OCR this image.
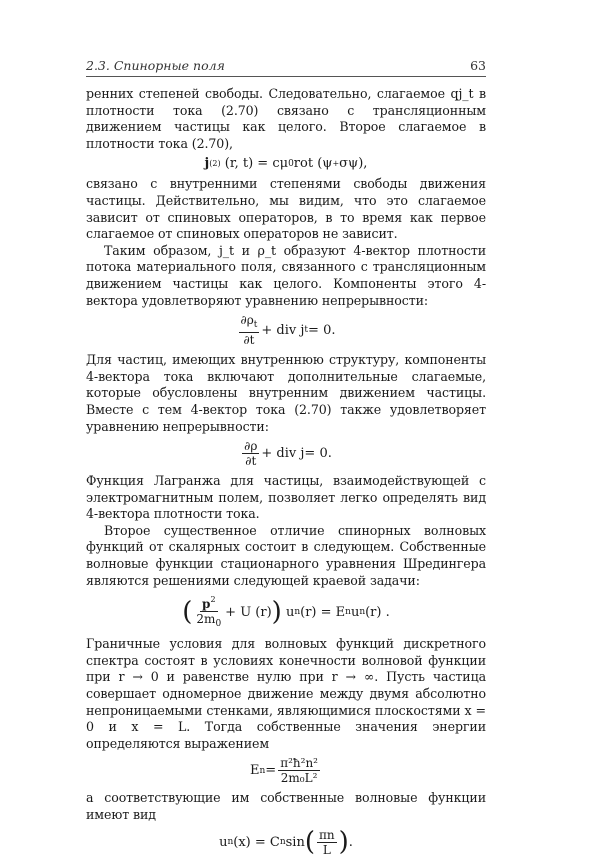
2.3. Спинорные поля	63

ренних степеней свободы. Следовательно, слагаемое qj_t в плотности тока (2.70) связано с трансляционным движением частицы как целого. Второе слагаемое в плотности тока (2.70),

j (2)
(r, t) = cμ 0 rot (ψ + σψ),

связано с внутренними степенями свободы движения частицы. Действительно, мы видим, что это слагаемое зависит от спиновых операторов, в то время как первое слагаемое от спиновых операторов не зависит.

Таким образом, j_t и ρ_t образуют 4-вектор плотности потока материального поля, связанного с трансляционным движением частицы как целого. Компоненты этого 4-вектора удовлетворяют уравнению непрерывности:

$\frac{\partial\rho_t}{\partial t}$ + div j t = 0.

Для частиц, имеющих внутреннюю структуру, компоненты 4-вектора тока включают дополнительные слагаемые, которые обусловлены внутренним движением частицы. Вместе с тем 4-вектор тока (2.70) также удовлетворяет уравнению непрерывности:

$\frac{\partial\rho}{\partial t}$ + div j = 0.

Функция Лагранжа для частицы, взаимодействующей с электромагнитным полем, позволяет легко определять вид 4-вектора плотности тока.

Второе существенное отличие спинорных волновых функций от скалярных состоит в следующем. Собственные волновые функции стационарного уравнения Шредингера являются решениями следующей краевой задачи:

( $\frac{p^2}{2m_0} + U$ (r) )
u n (r) = E n u n (r) .

Граничные условия для волновых функций дискретного спектра состоят в условиях конечности волновой функции при r → 0 и равенстве нулю при r → ∞. Пусть частица совершает одномерное движение между двумя абсолютно непроницаемыми стенками, являющимися плоскостями x = 0 и x = L. Тогда собственные значения энергии определяются выражением

E $n = \frac{\text{π²ħ²n²}}{\text{2m₀L²}}$

а соответствующие им собственные волновые функции имеют вид

u n (x) = C n sin ( $\frac{\pi n}{L}$ ) .
